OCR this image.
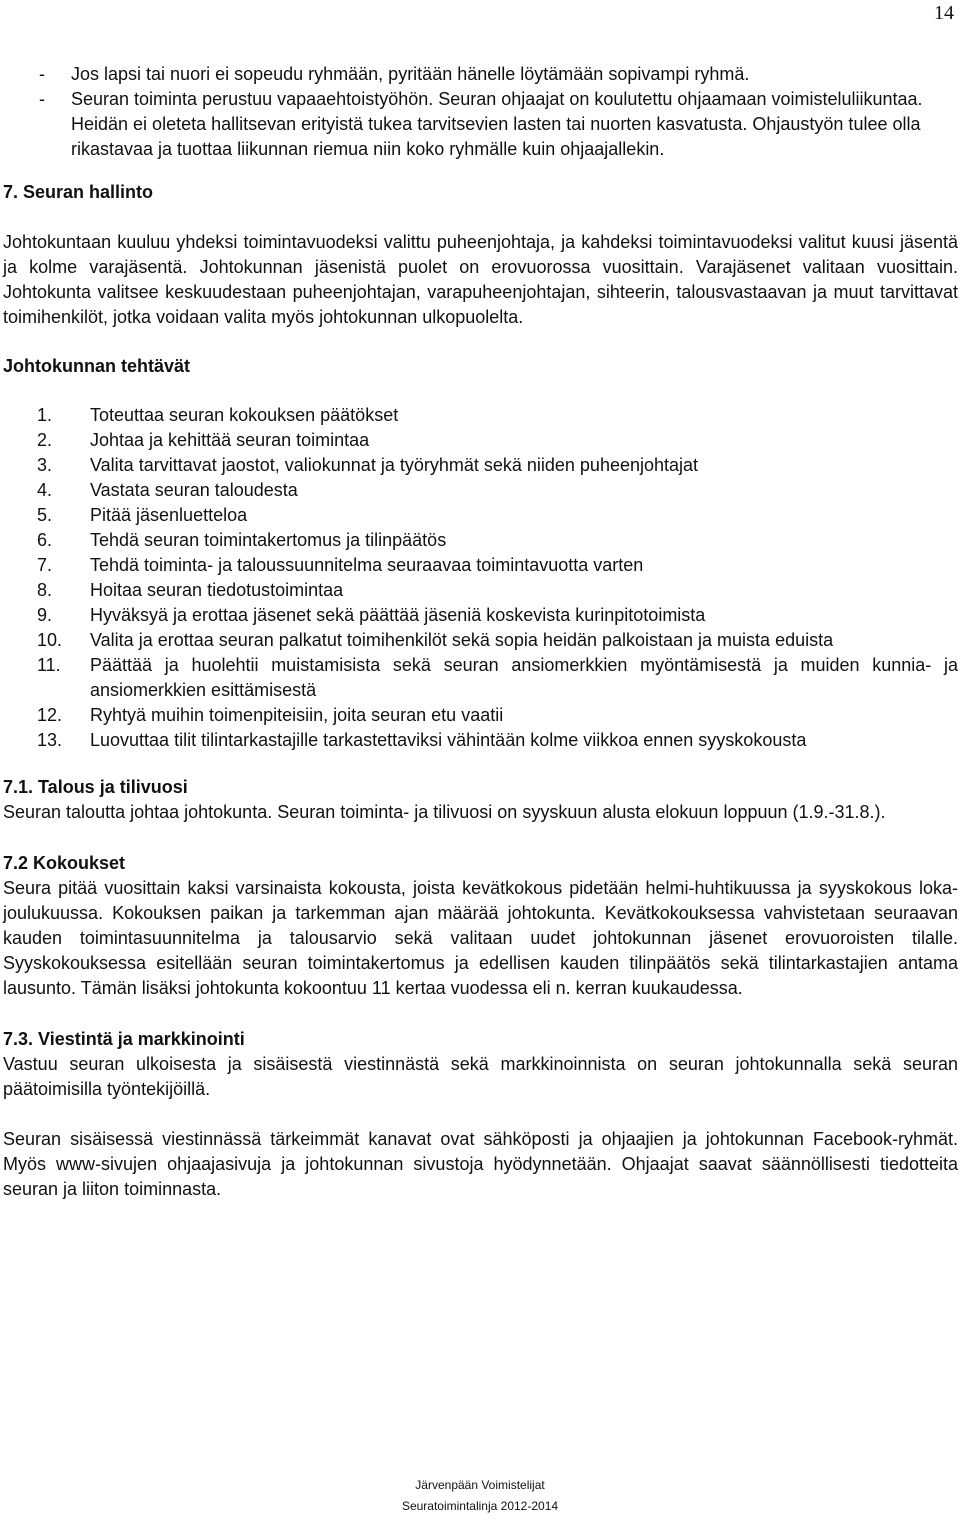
14
- Jos lapsi tai nuori ei sopeudu ryhmään, pyritään hänelle löytämään sopivampi ryhmä.
- Seuran toiminta perustuu vapaaehtoistyöhön. Seuran ohjaajat on koulutettu ohjaamaan voimisteluliikuntaa. Heidän ei oleteta hallitsevan erityistä tukea tarvitsevien lasten tai nuorten kasvatusta. Ohjaustyön tulee olla rikastavaa ja tuottaa liikunnan riemua niin koko ryhmälle kuin ohjaajallekin.
7. Seuran hallinto

Johtokuntaan kuuluu yhdeksi toimintavuodeksi valittu puheenjohtaja, ja kahdeksi toimintavuodeksi valitut kuusi jäsentä ja kolme varajäsentä. Johtokunnan jäsenistä puolet on erovuorossa vuosittain. Varajäsenet valitaan vuosittain. Johtokunta valitsee keskuudestaan puheenjohtajan, varapuheenjohtajan, sihteerin, talousvastaavan ja muut tarvittavat toimihenkilöt, jotka voidaan valita myös johtokunnan ulkopuolelta.

Johtokunnan tehtävät
1. Toteuttaa seuran kokouksen päätökset
2. Johtaa ja kehittää seuran toimintaa
3. Valita tarvittavat jaostot, valiokunnat ja työryhmät sekä niiden puheenjohtajat
4. Vastata seuran taloudesta
5. Pitää jäsenluetteloa
6. Tehdä seuran toimintakertomus ja tilinpäätös
7. Tehdä toiminta- ja taloussuunnitelma seuraavaa toimintavuotta varten
8. Hoitaa seuran tiedotustoimintaa
9. Hyväksyä ja erottaa jäsenet sekä päättää jäseniä koskevista kurinpitotoimista
10. Valita ja erottaa seuran palkatut toimihenkilöt sekä sopia heidän palkoistaan ja muista eduista
11. Päättää ja huolehtii muistamisista sekä seuran ansiomerkkien myöntämisestä ja muiden kunnia- ja ansiomerkkien esittämisestä
12. Ryhtyä muihin toimenpiteisiin, joita seuran etu vaatii
13. Luovuttaa tilit tilintarkastajille tarkastettaviksi vähintään kolme viikkoa ennen syyskokousta
7.1. Talous ja tilivuosi

Seuran taloutta johtaa johtokunta. Seuran toiminta- ja tilivuosi on syyskuun alusta elokuun loppuun (1.9.-31.8.).

7.2 Kokoukset

Seura pitää vuosittain kaksi varsinaista kokousta, joista kevätkokous pidetään helmi-huhtikuussa ja syyskokous loka-joulukuussa. Kokouksen paikan ja tarkemman ajan määrää johtokunta. Kevätkokouksessa vahvistetaan seuraavan kauden toimintasuunnitelma ja talousarvio sekä valitaan uudet johtokunnan jäsenet erovuoroisten tilalle. Syyskokouksessa esitellään seuran toimintakertomus ja edellisen kauden tilinpäätös sekä tilintarkastajien antama lausunto. Tämän lisäksi johtokunta kokoontuu 11 kertaa vuodessa eli n. kerran kuukaudessa.

7.3. Viestintä ja markkinointi

Vastuu seuran ulkoisesta ja sisäisestä viestinnästä sekä markkinoinnista on seuran johtokunnalla sekä seuran päätoimisilla työntekijöillä.

Seuran sisäisessä viestinnässä tärkeimmät kanavat ovat sähköposti ja ohjaajien ja johtokunnan Facebook-ryhmät. Myös www-sivujen ohjaajasivuja ja johtokunnan sivustoja hyödynnetään. Ohjaajat saavat säännöllisesti tiedotteita seuran ja liiton toiminnasta.

Järvenpään Voimistelijat
Seuratoimintalinja 2012-2014
